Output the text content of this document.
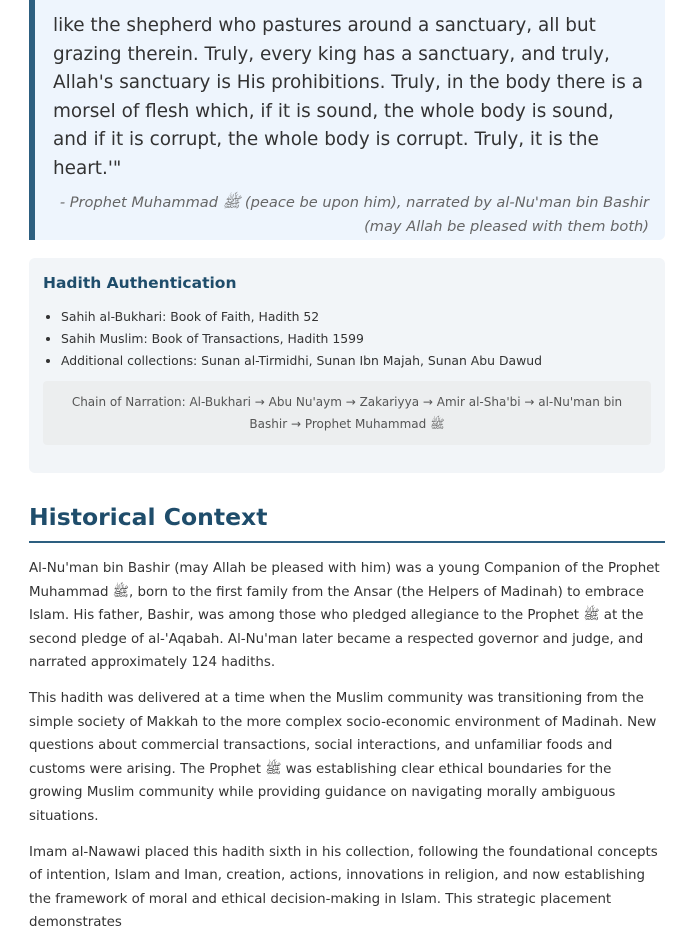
like the shepherd who pastures around a sanctuary, all but grazing therein. Truly, every king has a sanctuary, and truly, Allah's sanctuary is His prohibitions. Truly, in the body there is a morsel of flesh which, if it is sound, the whole body is sound, and if it is corrupt, the whole body is corrupt. Truly, it is the heart.'"

- Prophet Muhammad ﷺ (peace be upon him), narrated by al-Nu'man bin Bashir (may Allah be pleased with them both)
Hadith Authentication
• Sahih al-Bukhari: Book of Faith, Hadith 52
• Sahih Muslim: Book of Transactions, Hadith 1599
• Additional collections: Sunan al-Tirmidhi, Sunan Ibn Majah, Sunan Abu Dawud
Chain of Narration: Al-Bukhari → Abu Nu'aym → Zakariyya → Amir al-Sha'bi → al-Nu'man bin Bashir → Prophet Muhammad ﷺ
Historical Context

Al-Nu'man bin Bashir (may Allah be pleased with him) was a young Companion of the Prophet Muhammad ﷺ, born to the first family from the Ansar (the Helpers of Madinah) to embrace Islam. His father, Bashir, was among those who pledged allegiance to the Prophet ﷺ at the second pledge of al-'Aqabah. Al-Nu'man later became a respected governor and judge, and narrated approximately 124 hadiths.

This hadith was delivered at a time when the Muslim community was transitioning from the simple society of Makkah to the more complex socio-economic environment of Madinah. New questions about commercial transactions, social interactions, and unfamiliar foods and customs were arising. The Prophet ﷺ was establishing clear ethical boundaries for the growing Muslim community while providing guidance on navigating morally ambiguous situations.

Imam al-Nawawi placed this hadith sixth in his collection, following the foundational concepts of intention, Islam and Iman, creation, actions, innovations in religion, and now establishing the framework of moral and ethical decision-making in Islam. This strategic placement demonstrates
